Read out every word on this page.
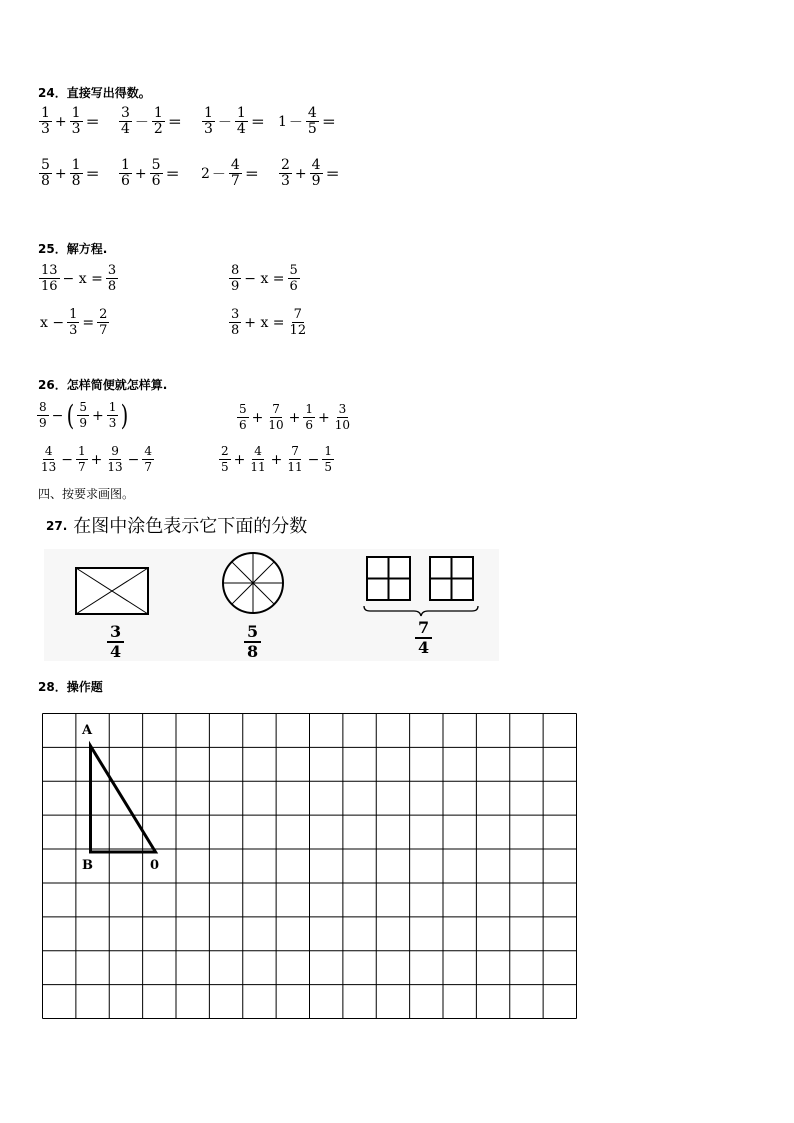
24．直接写出得数。
$\frac{1}{3} + \frac{1}{3} = \frac{3}{4} - \frac{1}{2} = \frac{1}{3} - \frac{1}{4} = 1 - \frac{4}{5}$ ＝
$\frac{5}{8} + \frac{1}{8} = \frac{1}{6} + \frac{5}{6} = 2 - \frac{4}{7} = \frac{2}{3} + \frac{4}{9}$ ＝
25．解方程.
$\frac{13}{16} - x = \frac{3}{8}$	$\frac{8}{9} - x = \frac{5}{6}$
$x - \frac{1}{3} = \frac{2}{7}$	$\frac{3}{8} + x = \frac{7}{12}$
26．怎样简便就怎样算.
$\frac{8}{9}$ − ( $\frac{5}{9} + \frac{1}{3}$ )	$\frac{5}{6} + \frac{7}{10} + \frac{1}{6} + \frac{3}{10}$
$\frac{4}{13} - \frac{1}{7} + \frac{9}{13} - \frac{4}{7}$	$\frac{2}{5} + \frac{4}{11} + \frac{7}{11} - \frac{1}{5}$
四、按要求画图。
27. 在图中涂色表示它下面的分数
$\frac{3}{4}$	$\frac{5}{8}$	$\frac{7}{4}$
28．操作题
A
B	0
